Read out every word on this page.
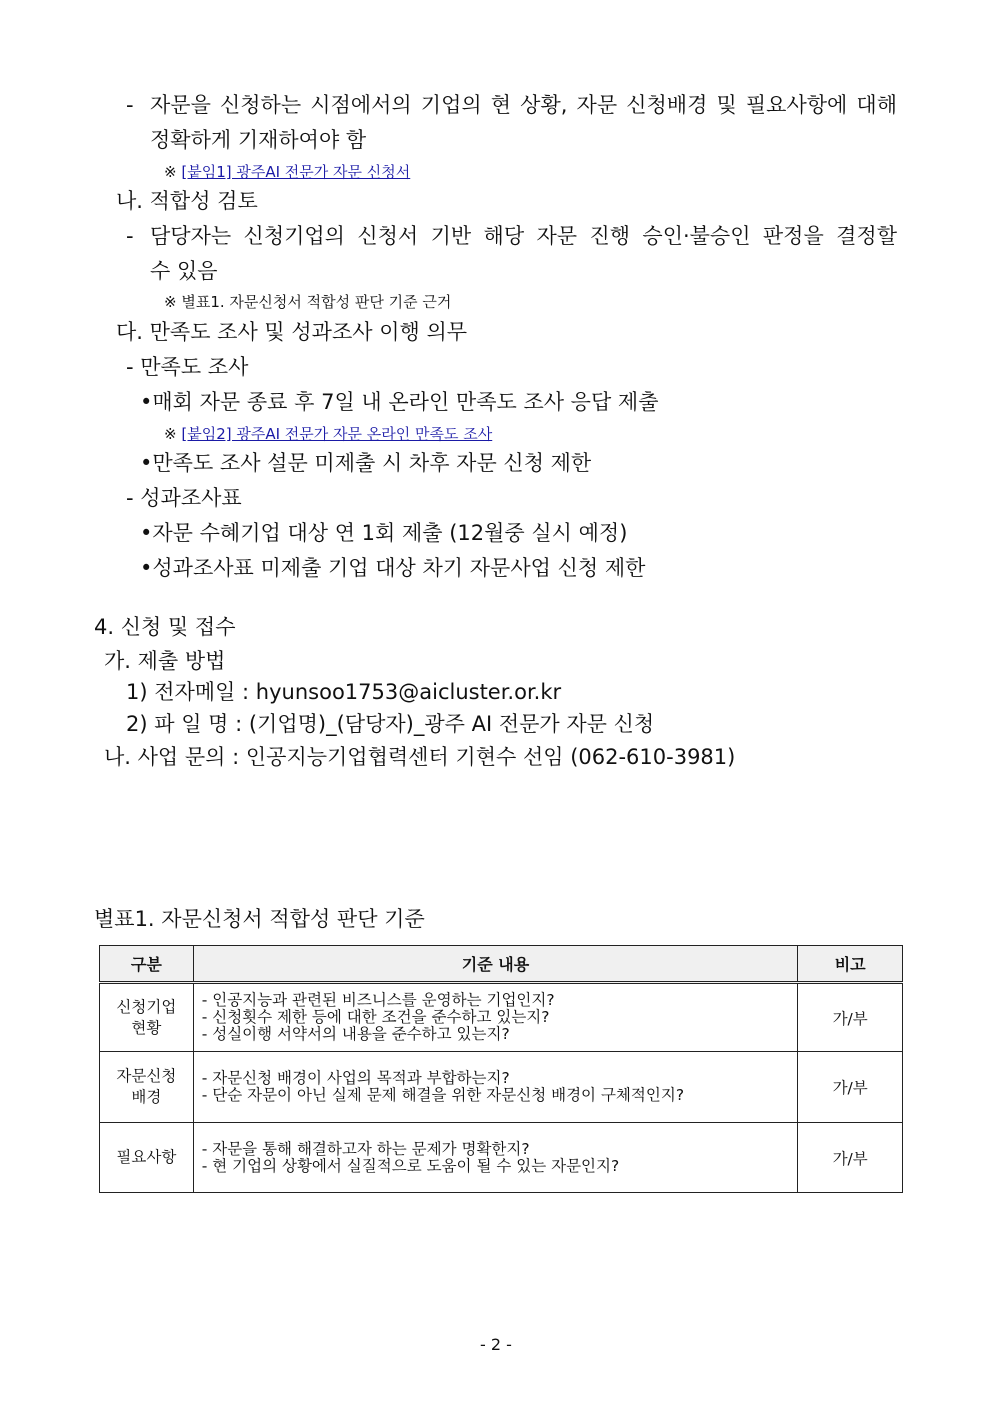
- 자문을 신청하는 시점에서의 기업의 현 상황, 자문 신청배경 및 필요사항에 대해
정확하게 기재하여야 함
※ [붙임1] 광주AI 전문가 자문 신청서
나. 적합성 검토
- 담당자는 신청기업의 신청서 기반 해당 자문 진행 승인·불승인 판정을 결정할
수 있음
※ 별표1. 자문신청서 적합성 판단 기준 근거
다. 만족도 조사 및 성과조사 이행 의무
- 만족도 조사
•매회 자문 종료 후 7일 내 온라인 만족도 조사 응답 제출
※ [붙임2] 광주AI 전문가 자문 온라인 만족도 조사
•만족도 조사 설문 미제출 시 차후 자문 신청 제한
- 성과조사표
•자문 수혜기업 대상 연 1회 제출 (12월중 실시 예정)
•성과조사표 미제출 기업 대상 차기 자문사업 신청 제한
4. 신청 및 접수
가. 제출 방법
1) 전자메일 : hyunsoo1753@aicluster.or.kr
2) 파 일 명 : (기업명)_(담당자)_광주 AI 전문가 자문 신청
나. 사업 문의 : 인공지능기업협력센터 기현수 선임 (062-610-3981)
별표1. 자문신청서 적합성 판단 기준
구분	기준 내용	비고

신청기업
현황	- 인공지능과 관련된 비즈니스를 운영하는 기업인지?
- 신청횟수 제한 등에 대한 조건을 준수하고 있는지?
- 성실이행 서약서의 내용을 준수하고 있는지?	가/부

자문신청
배경	- 자문신청 배경이 사업의 목적과 부합하는지?
- 단순 자문이 아닌 실제 문제 해결을 위한 자문신청 배경이 구체적인지?	가/부

필요사항	- 자문을 통해 해결하고자 하는 문제가 명확한지?
- 현 기업의 상황에서 실질적으로 도움이 될 수 있는 자문인지?	가/부
- 2 -
